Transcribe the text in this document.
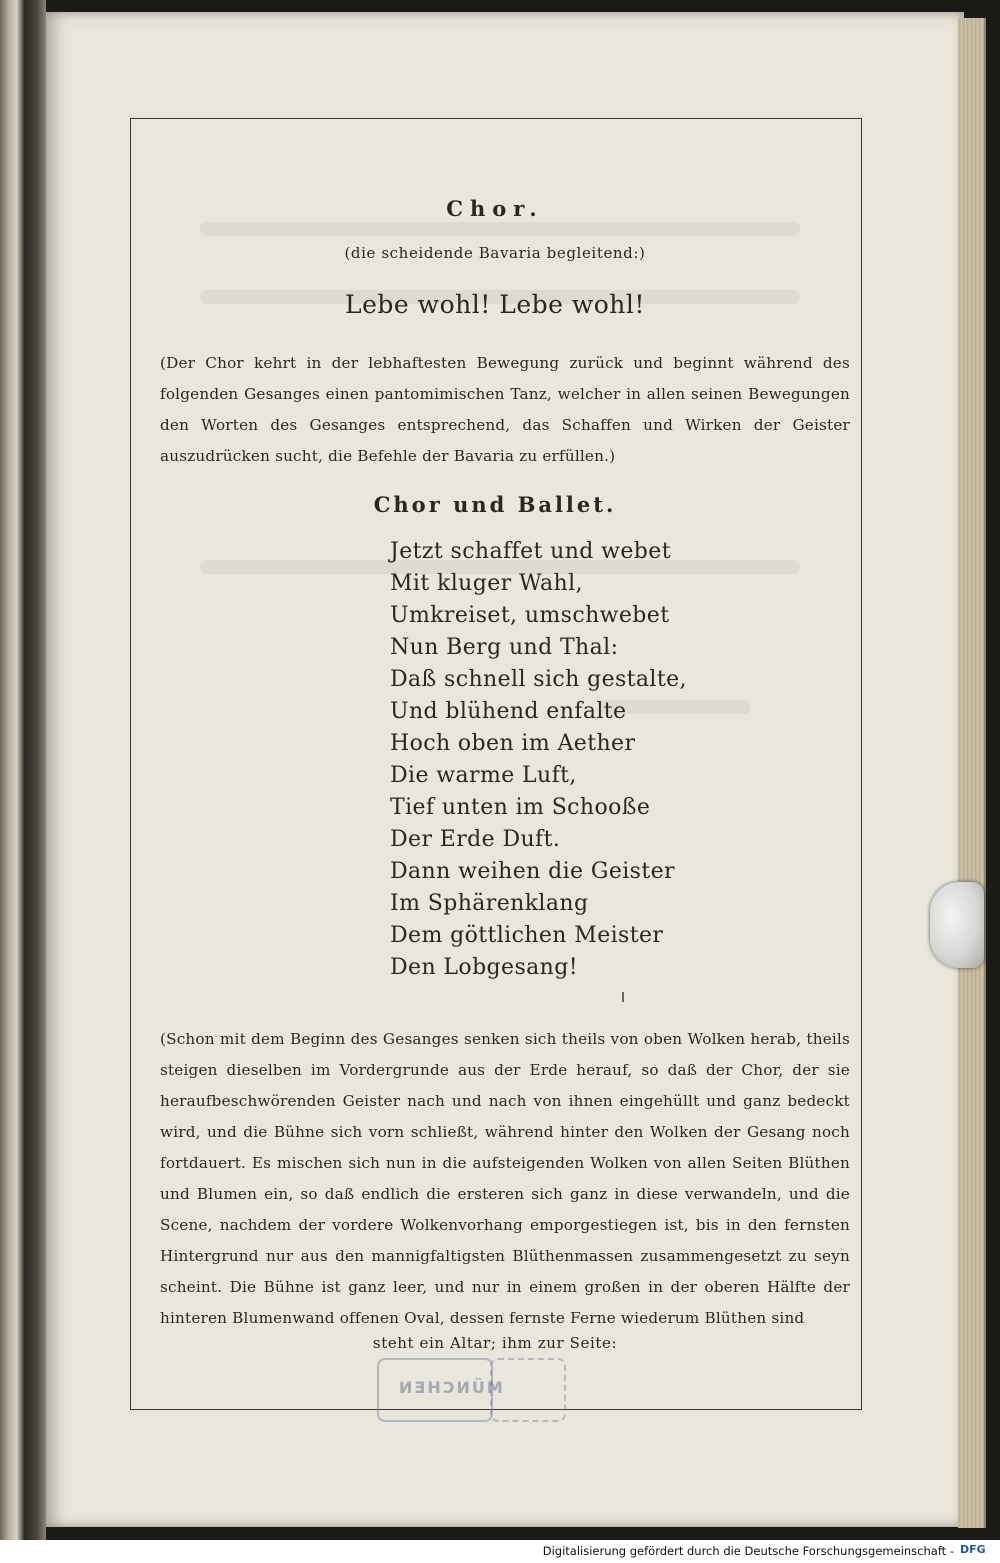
Chor.
(die scheidende Bavaria begleitend:)
Lebe wohl! Lebe wohl!
(Der Chor kehrt in der lebhaftesten Bewegung zurück und beginnt während des folgenden Gesanges einen pantomimischen Tanz, welcher in allen seinen Bewegungen den Worten des Gesanges entsprechend, das Schaffen und Wirken der Geister auszudrücken sucht, die Befehle der Bavaria zu erfüllen.)
Chor und Ballet.
Jetzt schaffet und webet
Mit kluger Wahl,
Umkreiset, umschwebet
Nun Berg und Thal:
Daß schnell sich gestalte,
Und blühend enfalte
Hoch oben im Aether
Die warme Luft,
Tief unten im Schooße
Der Erde Duft.
Dann weihen die Geister
Im Sphärenklang
Dem göttlichen Meister
Den Lobgesang!
(Schon mit dem Beginn des Gesanges senken sich theils von oben Wolken herab, theils steigen dieselben im Vordergrunde aus der Erde herauf, so daß der Chor, der sie heraufbeschwörenden Geister nach und nach von ihnen eingehüllt und ganz bedeckt wird, und die Bühne sich vorn schließt, während hinter den Wolken der Gesang noch fortdauert. Es mischen sich nun in die aufsteigenden Wolken von allen Seiten Blüthen und Blumen ein, so daß endlich die ersteren sich ganz in diese verwandeln, und die Scene, nachdem der vordere Wolkenvorhang emporgestiegen ist, bis in den fernsten Hintergrund nur aus den mannigfaltigsten Blüthenmassen zusammengesetzt zu seyn scheint. Die Bühne ist ganz leer, und nur in einem großen in der oberen Hälfte der hinteren Blumenwand offenen Oval, dessen fernste Ferne wiederum Blüthen sind
MÜNCHEN
steht ein Altar; ihm zur Seite:
Digitalisierung gefördert durch die Deutsche Forschungsgemeinschaft - DFG
